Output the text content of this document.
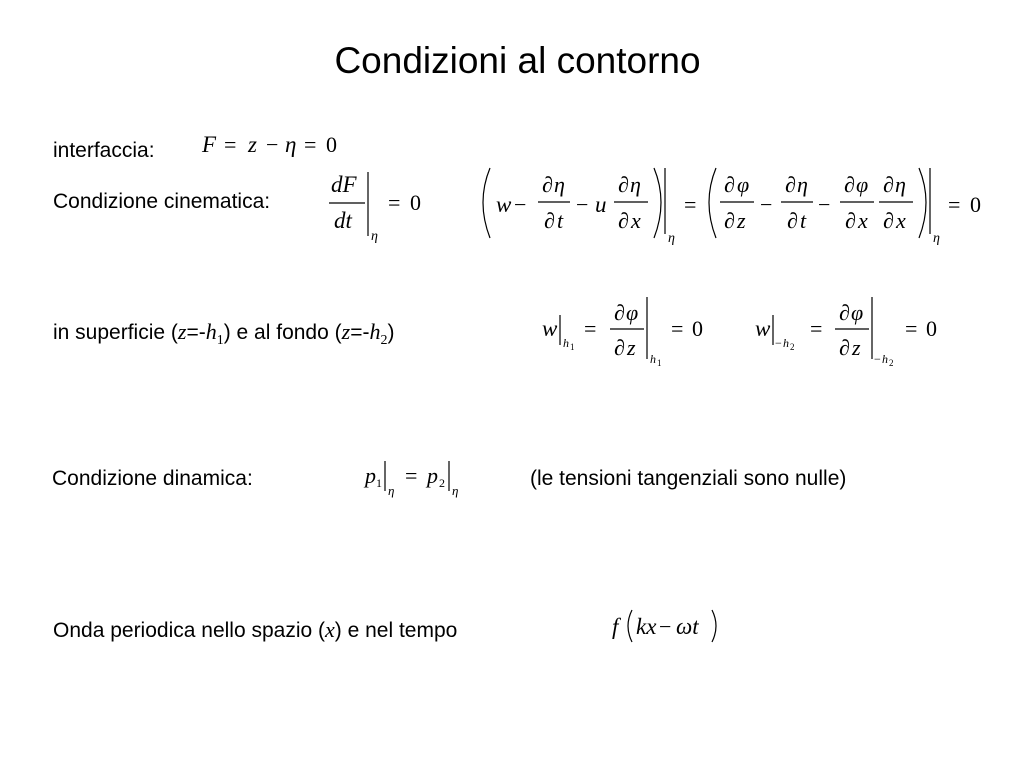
Condizioni al contorno
interfaccia: F = z − η = 0
Condizione cinematica:
dF
dt
η
= 0	w −
∂ η
∂ t
− u
∂ η
∂ x
η
=
∂ φ
∂ z
−
∂ η
∂ t
−
∂ φ
∂ x
∂ η
∂ x
η
= 0
in superficie $(z=-h_1)$ e al fondo $(z=-h_2)$	w
h 1
=
∂ φ
∂ z h 1
= 0 w
− h 2
=
∂ φ
∂ z − h 2
= 0
Condizione dinamica:	p 1 η
= p 2 η
(le tensioni tangenziali sono nulle)
Onda periodica nello spazio (x) e nel tempo	f kx − ωt
